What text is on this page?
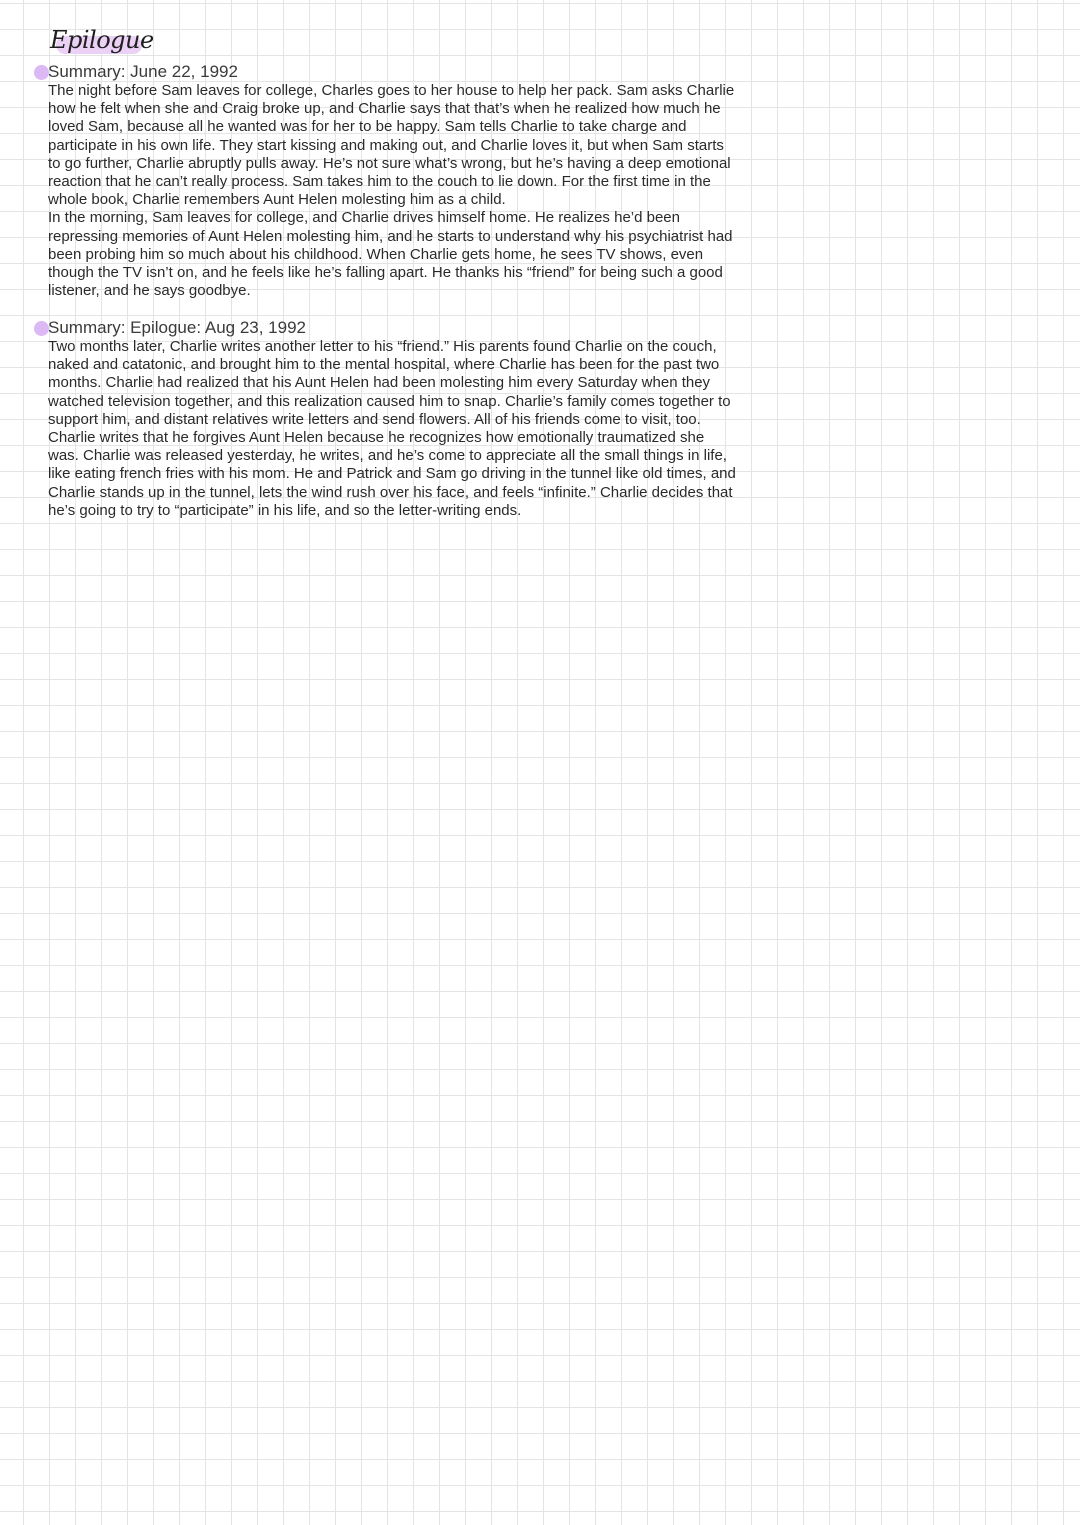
Epilogue
Summary: June 22, 1992

The night before Sam leaves for college, Charles goes to her house to help her pack. Sam asks Charlie
how he felt when she and Craig broke up, and Charlie says that that’s when he realized how much he
loved Sam, because all he wanted was for her to be happy. Sam tells Charlie to take charge and
participate in his own life. They start kissing and making out, and Charlie loves it, but when Sam starts
to go further, Charlie abruptly pulls away. He’s not sure what’s wrong, but he’s having a deep emotional
reaction that he can’t really process. Sam takes him to the couch to lie down. For the first time in the
whole book, Charlie remembers Aunt Helen molesting him as a child.

In the morning, Sam leaves for college, and Charlie drives himself home. He realizes he’d been
repressing memories of Aunt Helen molesting him, and he starts to understand why his psychiatrist had
been probing him so much about his childhood. When Charlie gets home, he sees TV shows, even
though the TV isn’t on, and he feels like he’s falling apart. He thanks his “friend” for being such a good
listener, and he says goodbye.

Summary: Epilogue: Aug 23, 1992

Two months later, Charlie writes another letter to his “friend.” His parents found Charlie on the couch,
naked and catatonic, and brought him to the mental hospital, where Charlie has been for the past two
months. Charlie had realized that his Aunt Helen had been molesting him every Saturday when they
watched television together, and this realization caused him to snap. Charlie’s family comes together to
support him, and distant relatives write letters and send flowers. All of his friends come to visit, too.
Charlie writes that he forgives Aunt Helen because he recognizes how emotionally traumatized she
was. Charlie was released yesterday, he writes, and he’s come to appreciate all the small things in life,
like eating french fries with his mom. He and Patrick and Sam go driving in the tunnel like old times, and
Charlie stands up in the tunnel, lets the wind rush over his face, and feels “infinite.” Charlie decides that
he’s going to try to “participate” in his life, and so the letter-writing ends.
